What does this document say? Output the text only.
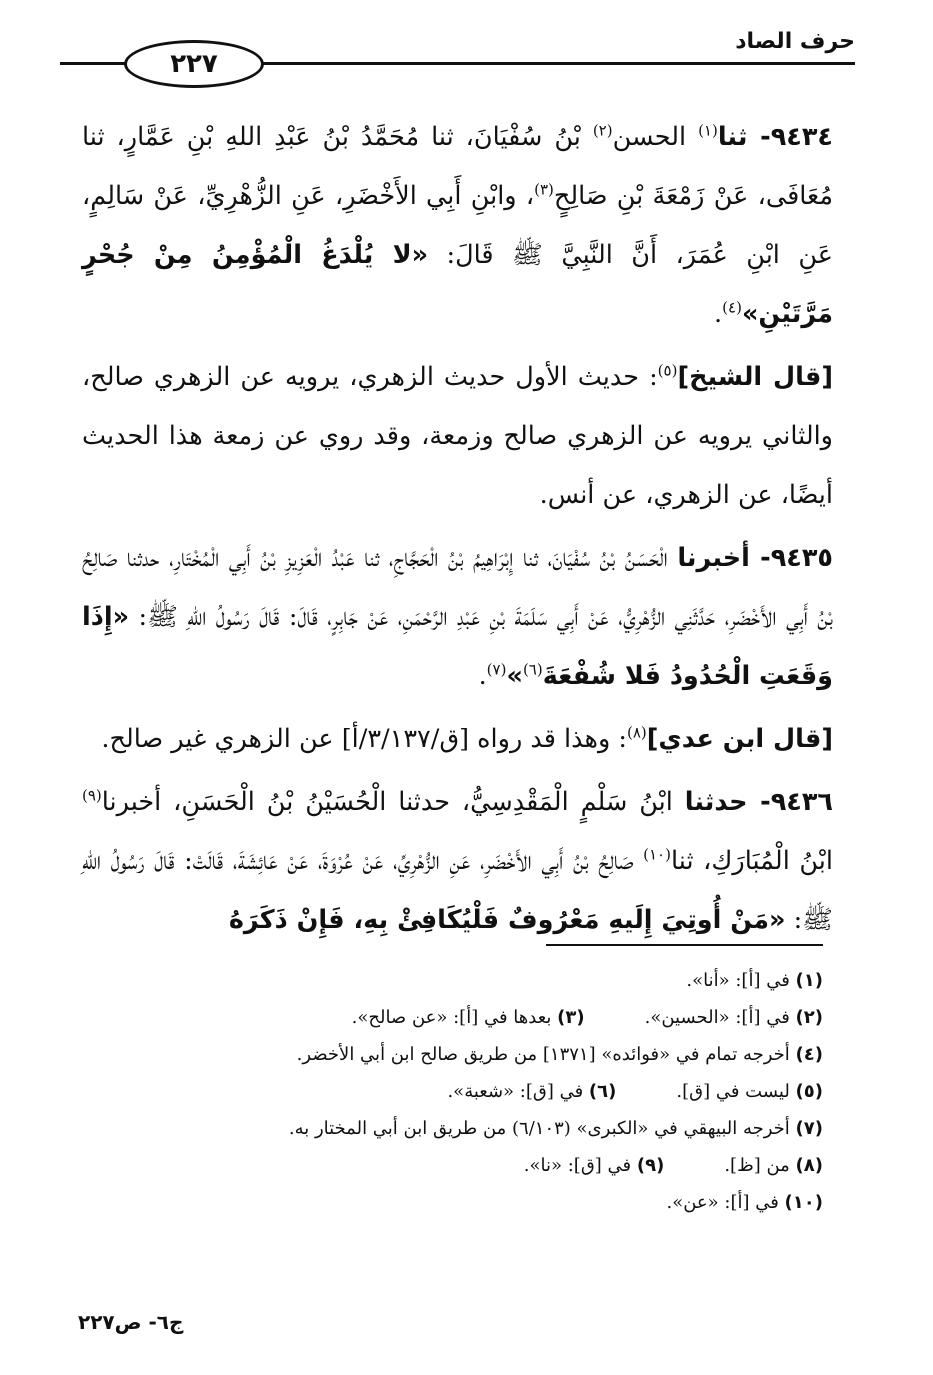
٢٢٧
حرف الصاد

٩٤٣٤- ثنا$^{(١)}$ الحسن$^{(٢)}$ بْنُ سُفْيَانَ، ثنا مُحَمَّدُ بْنُ عَبْدِ اللهِ بْنِ عَمَّارٍ، ثنا مُعَافَى، عَنْ زَمْعَةَ بْنِ صَالِحٍ$^{(٣)}$، وابْنِ أَبِي الأَخْضَرِ، عَنِ الزُّهْرِيِّ، عَنْ سَالِمٍ، عَنِ ابْنِ عُمَرَ، أَنَّ النَّبِيَّ ﷺ قَالَ: «لا يُلْدَغُ الْمُؤْمِنُ مِنْ جُحْرٍ مَرَّتَيْنِ»$^{(٤)}$.

[قال الشيخ]$^{(٥)}$: حديث الأول حديث الزهري، يرويه عن الزهري صالح، والثاني يرويه عن الزهري صالح وزمعة، وقد روي عن زمعة هذا الحديث أيضًا، عن الزهري، عن أنس.

٩٤٣٥- أخبرنا الْحَسَنُ بْنُ سُفْيَانَ، ثنا إِبْرَاهِيمُ بْنُ الْحَجَّاجِ، ثنا عَبْدُ الْعَزِيزِ بْنُ أَبِي الْمُخْتَارِ، حدثنا صَالِحُ بْنُ أَبِي الأَخْضَرِ، حَدَّثَنِي الزُّهْرِيُّ، عَنْ أَبِي سَلَمَةَ بْنِ عَبْدِ الرَّحْمَنِ، عَنْ جَابِرٍ، قَالَ: قَالَ رَسُولُ اللهِ ﷺ: «إِذَا وَقَعَتِ الْحُدُودُ فَلا شُفْعَةَ$^{(٦)}$»$^{(٧)}$.

[قال ابن عدي]$^{(٨)}$: وهذا قد رواه [ق/٣/١٣٧/أ] عن الزهري غير صالح.

٩٤٣٦- حدثنا ابْنُ سَلْمٍ الْمَقْدِسِيُّ، حدثنا الْحُسَيْنُ بْنُ الْحَسَنِ، أخبرنا$^{(٩)}$ ابْنُ الْمُبَارَكِ، ثنا$^{(١٠)}$ صَالِحُ بْنُ أَبِي الأَخْضَرِ، عَنِ الزُّهْرِيِّ، عَنْ عُرْوَةَ، عَنْ عَائِشَةَ، قَالَتْ: قَالَ رَسُولُ اللهِ ﷺ: «مَنْ أُوتِيَ إِلَيهِ مَعْرُوفٌ فَلْيُكَافِئْ بِهِ، فَإِنْ ذَكَرَهُ

(١) في [أ]: «أنا».
(٢) في [أ]: «الحسين».(٣) بعدها في [أ]: «عن صالح».
(٤) أخرجه تمام في «فوائده» [١٣٧١] من طريق صالح ابن أبي الأخضر.
(٥) ليست في [ق].(٦) في [ق]: «شعبة».
(٧) أخرجه البيهقي في «الكبرى» (٦/١٠٣) من طريق ابن أبي المختار به.
(٨) من [ظ].(٩) في [ق]: «نا».
(١٠) في [أ]: «عن».
ج٦- ص٢٢٧
